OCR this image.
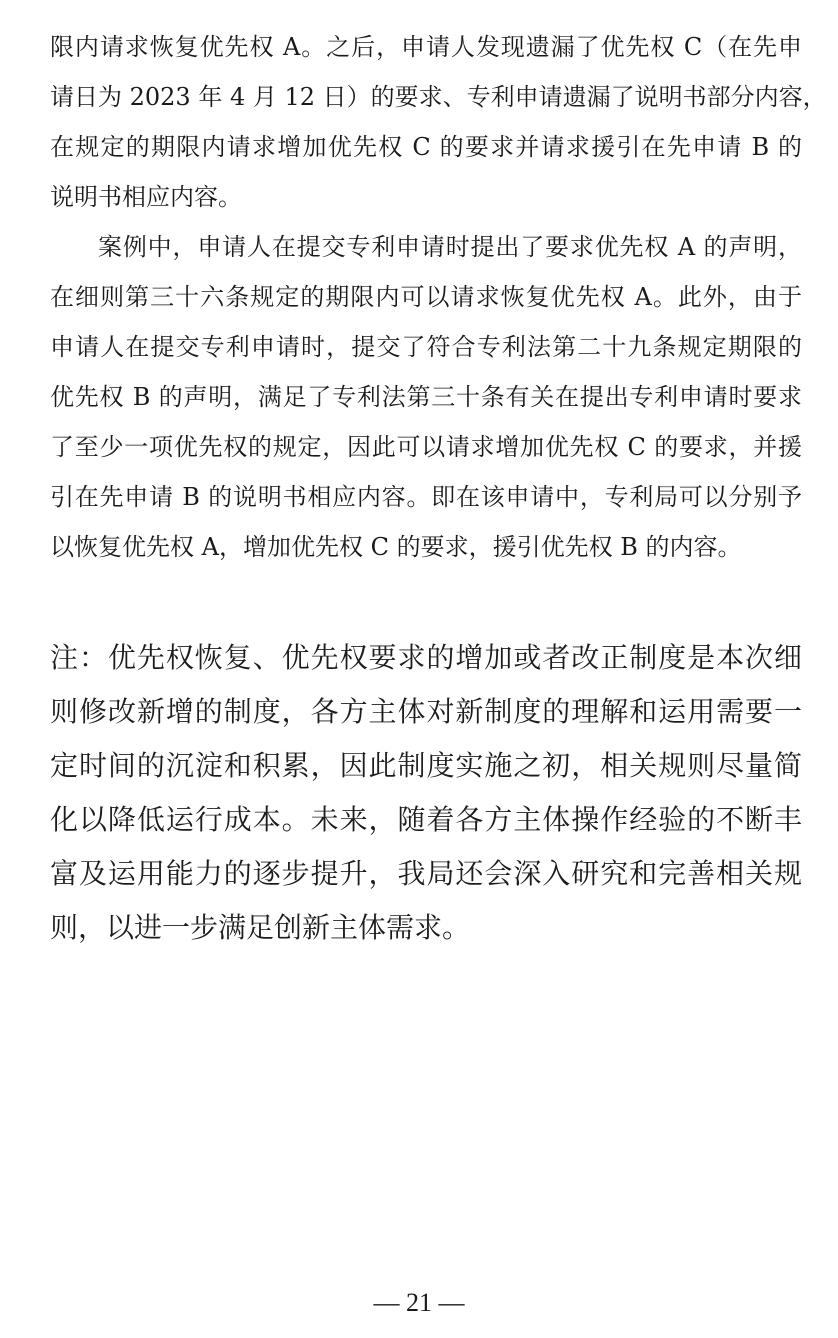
限内请求恢复优先权 A。之后，申请人发现遗漏了优先权 C（在先申
请日为 2023 年 4 月 12 日）的要求、专利申请遗漏了说明书部分内容，
在规定的期限内请求增加优先权 C 的要求并请求援引在先申请 B 的
说明书相应内容。
案例中，申请人在提交专利申请时提出了要求优先权 A 的声明，
在细则第三十六条规定的期限内可以请求恢复优先权 A。此外，由于
申请人在提交专利申请时，提交了符合专利法第二十九条规定期限的
优先权 B 的声明，满足了专利法第三十条有关在提出专利申请时要求
了至少一项优先权的规定，因此可以请求增加优先权 C 的要求，并援
引在先申请 B 的说明书相应内容。即在该申请中，专利局可以分别予
以恢复优先权 A，增加优先权 C 的要求，援引优先权 B 的内容。
注：优先权恢复、优先权要求的增加或者改正制度是本次细
则修改新增的制度，各方主体对新制度的理解和运用需要一
定时间的沉淀和积累，因此制度实施之初，相关规则尽量简
化以降低运行成本。未来，随着各方主体操作经验的不断丰
富及运用能力的逐步提升，我局还会深入研究和完善相关规
则，以进一步满足创新主体需求。
— 21 —
